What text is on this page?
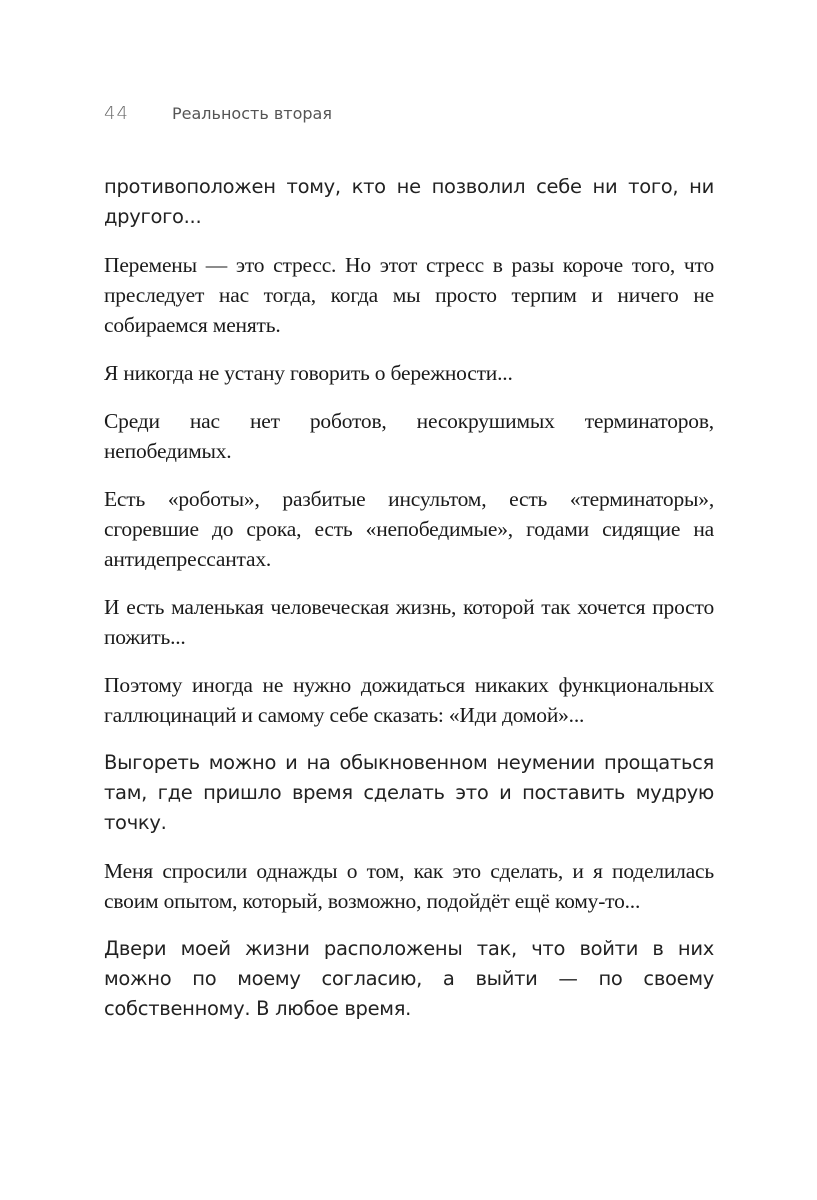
44	Реальность вторая

противоположен тому, кто не позволил себе ни того, ни другого...

Перемены — это стресс. Но этот стресс в разы короче того, что преследует нас тогда, когда мы просто терпим и ничего не собираемся менять.

Я никогда не устану говорить о бережности...

Среди нас нет роботов, несокрушимых терминаторов, непобедимых.

Есть «роботы», разбитые инсультом, есть «терминаторы», сгоревшие до срока, есть «непобедимые», годами сидящие на антидепрессантах.

И есть маленькая человеческая жизнь, которой так хочется просто пожить...

Поэтому иногда не нужно дожидаться никаких функциональных галлюцинаций и самому себе сказать: «Иди домой»...

Выгореть можно и на обыкновенном неумении прощаться там, где пришло время сделать это и поставить мудрую точку.

Меня спросили однажды о том, как это сделать, и я поделилась своим опытом, который, возможно, подойдёт ещё кому-то...

Двери моей жизни расположены так, что войти в них можно по моему согласию, а выйти — по своему собственному. В любое время.
